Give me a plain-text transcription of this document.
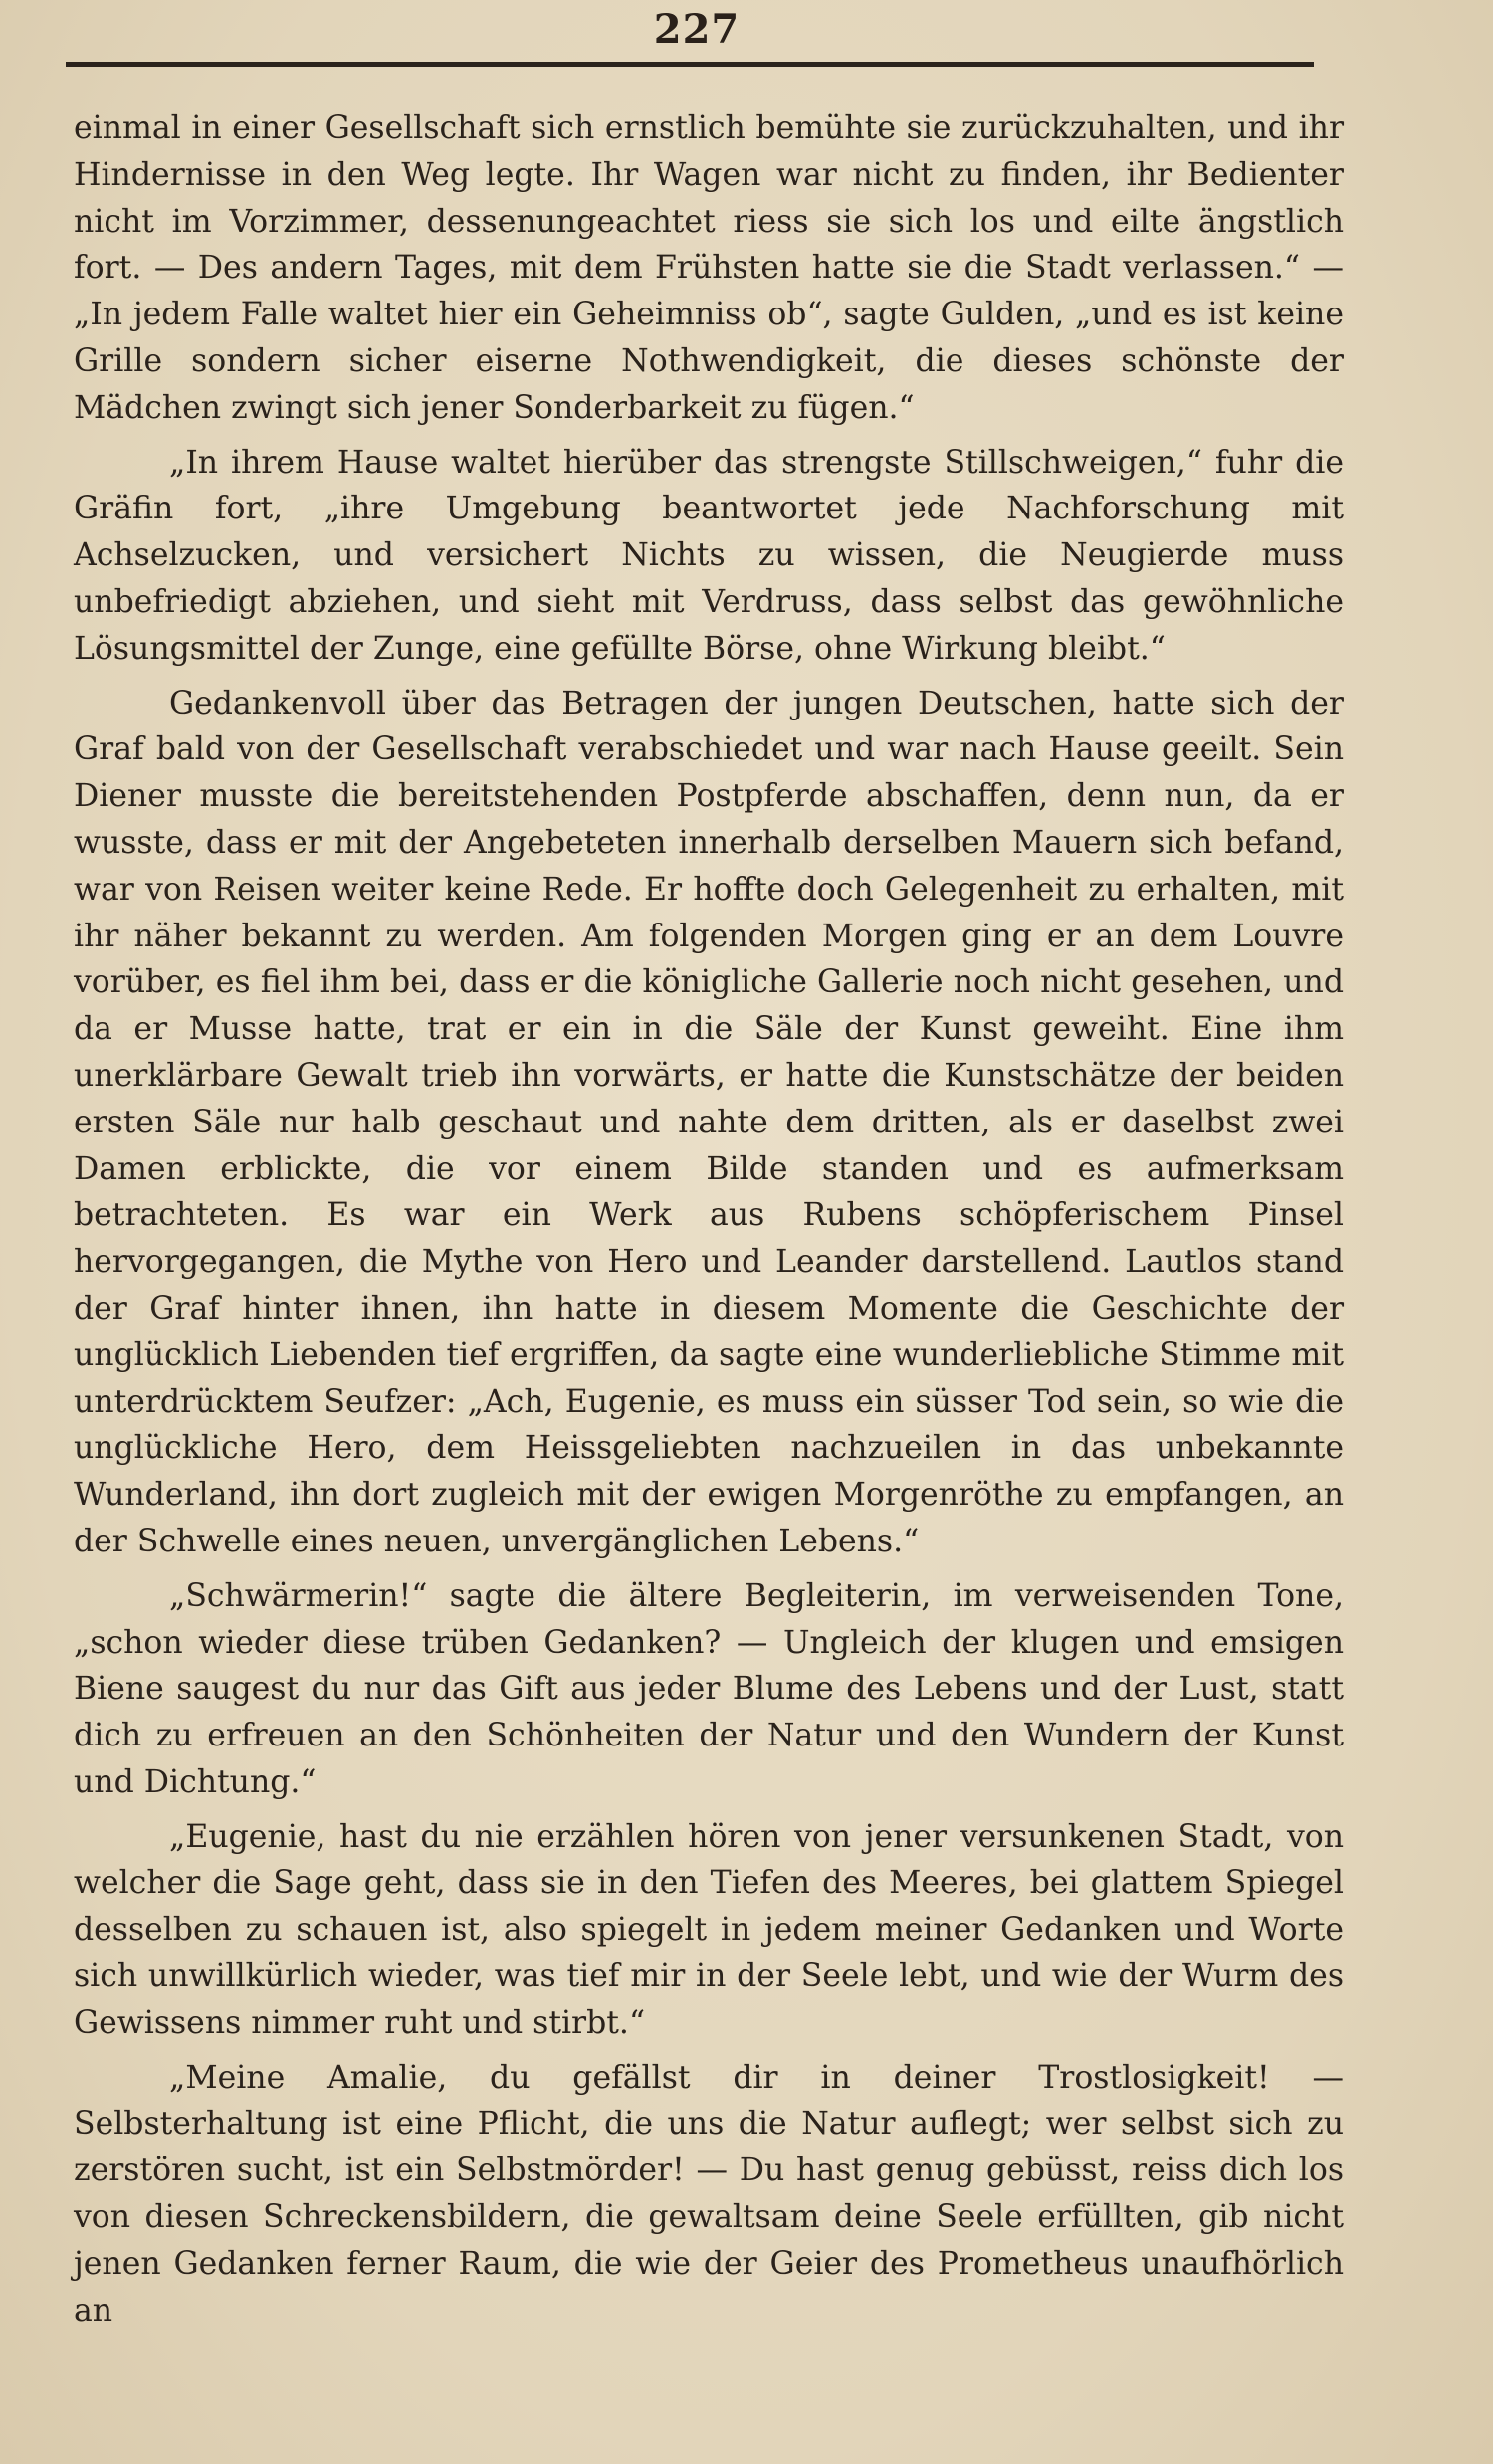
227

einmal in einer Gesellschaft sich ernstlich bemühte sie zurückzuhalten, und ihr Hindernisse in den Weg legte. Ihr Wagen war nicht zu finden, ihr Bedienter nicht im Vorzimmer, dessenungeachtet riess sie sich los und eilte ängstlich fort. — Des andern Tages, mit dem Frühsten hatte sie die Stadt verlassen.“ — „In jedem Falle waltet hier ein Geheimniss ob“, sagte Gulden, „und es ist keine Grille sondern sicher eiserne Nothwendigkeit, die dieses schönste der Mädchen zwingt sich jener Sonderbarkeit zu fügen.“

„In ihrem Hause waltet hierüber das strengste Stillschweigen,“ fuhr die Gräfin fort, „ihre Umgebung beantwortet jede Nachforschung mit Achselzucken, und versichert Nichts zu wissen, die Neugierde muss unbefriedigt abziehen, und sieht mit Verdruss, dass selbst das gewöhnliche Lösungsmittel der Zunge, eine gefüllte Börse, ohne Wirkung bleibt.“

Gedankenvoll über das Betragen der jungen Deutschen, hatte sich der Graf bald von der Gesellschaft verabschiedet und war nach Hause geeilt. Sein Diener musste die bereitstehenden Postpferde abschaffen, denn nun, da er wusste, dass er mit der Angebeteten innerhalb derselben Mauern sich befand, war von Reisen weiter keine Rede. Er hoffte doch Gelegenheit zu erhalten, mit ihr näher bekannt zu werden. Am folgenden Morgen ging er an dem Louvre vorüber, es fiel ihm bei, dass er die königliche Gallerie noch nicht gesehen, und da er Musse hatte, trat er ein in die Säle der Kunst geweiht. Eine ihm unerklärbare Gewalt trieb ihn vorwärts, er hatte die Kunstschätze der beiden ersten Säle nur halb geschaut und nahte dem dritten, als er daselbst zwei Damen erblickte, die vor einem Bilde standen und es aufmerksam betrachteten. Es war ein Werk aus Rubens schöpferischem Pinsel hervorgegangen, die Mythe von Hero und Leander darstellend. Lautlos stand der Graf hinter ihnen, ihn hatte in diesem Momente die Geschichte der unglücklich Liebenden tief ergriffen, da sagte eine wunderliebliche Stimme mit unterdrücktem Seufzer: „Ach, Eugenie, es muss ein süsser Tod sein, so wie die unglückliche Hero, dem Heissgeliebten nachzueilen in das unbekannte Wunderland, ihn dort zugleich mit der ewigen Morgenröthe zu empfangen, an der Schwelle eines neuen, unvergänglichen Lebens.“

„Schwärmerin!“ sagte die ältere Begleiterin, im verweisenden Tone, „schon wieder diese trüben Gedanken? — Ungleich der klugen und emsigen Biene saugest du nur das Gift aus jeder Blume des Lebens und der Lust, statt dich zu erfreuen an den Schönheiten der Natur und den Wundern der Kunst und Dichtung.“

„Eugenie, hast du nie erzählen hören von jener versunkenen Stadt, von welcher die Sage geht, dass sie in den Tiefen des Meeres, bei glattem Spiegel desselben zu schauen ist, also spiegelt in jedem meiner Gedanken und Worte sich unwillkürlich wieder, was tief mir in der Seele lebt, und wie der Wurm des Gewissens nimmer ruht und stirbt.“

„Meine Amalie, du gefällst dir in deiner Trostlosigkeit! — Selbsterhaltung ist eine Pflicht, die uns die Natur auflegt; wer selbst sich zu zerstören sucht, ist ein Selbstmörder! — Du hast genug gebüsst, reiss dich los von diesen Schreckensbildern, die gewaltsam deine Seele erfüllten, gib nicht jenen Gedanken ferner Raum, die wie der Geier des Prometheus unaufhörlich an
